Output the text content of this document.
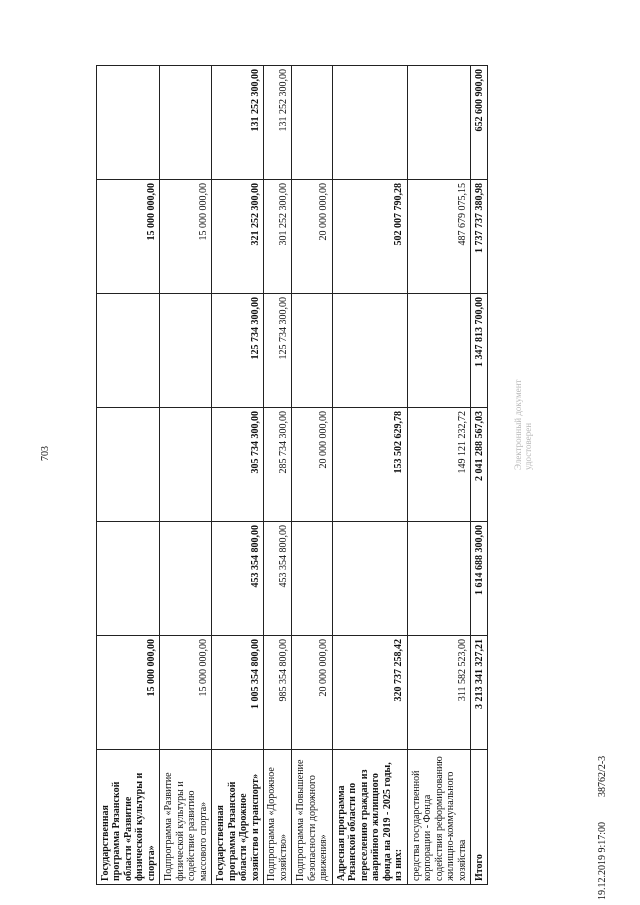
703
Государственная программа Рязанской области «Развитие физической культуры и спорта»	15 000 000,00				15 000 000,00	
Подпрограмма «Развитие физической культуры и содействие развитию массового спорта»	15 000 000,00				15 000 000,00	
Государственная программа Рязанской области «Дорожное хозяйство и транспорт»	1 005 354 800,00	453 354 800,00	305 734 300,00	125 734 300,00	321 252 300,00	131 252 300,00
Подпрограмма «Дорожное хозяйство»	985 354 800,00	453 354 800,00	285 734 300,00	125 734 300,00	301 252 300,00	131 252 300,00
Подпрограмма «Повышение безопасности дорожного движения»	20 000 000,00		20 000 000,00		20 000 000,00	
Адресная программа Рязанской области по переселению граждан из аварийного жилищного фонда на 2019 - 2025 годы, из них:	320 737 258,42		153 502 629,78		502 007 790,28	
средства государственной корпорации - Фонда содействия реформированию жилищно-коммунального хозяйства	311 582 523,00		149 121 232,72		487 679 075,15	
Итого	3 213 341 327,21	1 614 688 300,00	2 041 288 567,03	1 347 813 700,00	1 737 737 380,98	652 600 900,00
19.12.2019 9:17:00          38762/2-3
Электронный документ удостоверен
